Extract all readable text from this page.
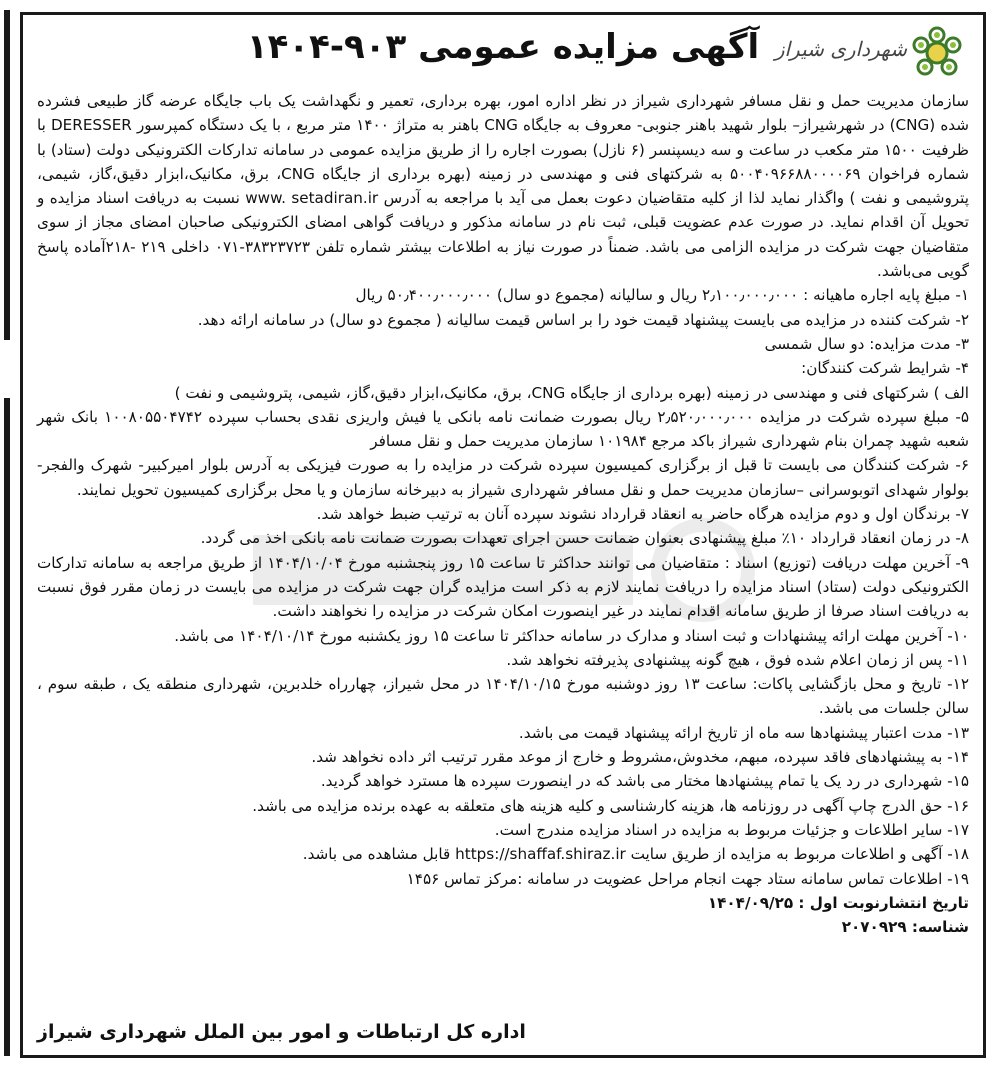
آگهی مزایده عمومی ۹۰۳-۱۴۰۴ شهرداری شیراز

سازمان مدیریت حمل و نقل مسافر شهرداری شیراز در نظر اداره امور، بهره برداری، تعمیر و نگهداشت یک باب جایگاه عرضه گاز طبیعی فشرده شده (CNG) در شهرشیراز– بلوار شهید باهنر جنوبی- معروف به جایگاه CNG باهنر به متراژ ۱۴۰۰ متر مربع ، با یک دستگاه کمپرسور DERESSER با ظرفیت ۱۵۰۰ متر مکعب در ساعت و سه دیسپنسر (۶ نازل) بصورت اجاره را از طریق مزایده عمومی در سامانه تدارکات الکترونیکی دولت (ستاد) با شماره فراخوان ۵۰۰۴۰۹۶۶۸۸۰۰۰۰۶۹ به شرکتهای فنی و مهندسی در زمینه (بهره برداری از جایگاه CNG، برق، مکانیک،ابزار دقیق،گاز، شیمی، پتروشیمی و نفت ) واگذار نماید لذا از کلیه متقاضیان دعوت بعمل می آید با مراجعه به آدرس www. setadiran.ir نسبت به دریافت اسناد مزایده و تحویل آن اقدام نماید. در صورت عدم عضویت قبلی، ثبت نام در سامانه مذکور و دریافت گواهی امضای الکترونیکی صاحبان امضای مجاز از سوی متقاضیان جهت شرکت در مزایده الزامی می باشد. ضمناً در صورت نیاز به اطلاعات بیشتر شماره تلفن ۳۸۳۲۳۷۲۳-۰۷۱ داخلی ۲۱۹ -۲۱۸آماده پاسخ گویی می‌باشد.

۱- مبلغ پایه اجاره ماهیانه : ۲٫۱۰۰٫۰۰۰٫۰۰۰ ریال و سالیانه (مجموع دو سال) ۵۰٫۴۰۰٫۰۰۰٫۰۰۰ ریال

۲- شرکت کننده در مزایده می بایست پیشنهاد قیمت خود را بر اساس قیمت سالیانه ( مجموع دو سال) در سامانه ارائه دهد.

۳- مدت مزایده: دو سال شمسی

۴- شرایط شرکت کنندگان:

الف ) شرکتهای فنی و مهندسی در زمینه (بهره برداری از جایگاه CNG، برق، مکانیک،ابزار دقیق،گاز، شیمی، پتروشیمی و نفت )

۵- مبلغ سپرده شرکت در مزایده ۲٫۵۲۰٫۰۰۰٫۰۰۰ ریال بصورت ضمانت نامه بانکی یا فیش واریزی نقدی بحساب سپرده ۱۰۰۸۰۵۵۰۴۷۴۲ بانک شهر شعبه شهید چمران بنام شهرداری شیراز باکد مرجع ۱۰۱۹۸۴ سازمان مدیریت حمل و نقل مسافر

۶- شرکت کنندگان می بایست تا قبل از برگزاری کمیسیون سپرده شرکت در مزایده را به صورت فیزیکی به آدرس بلوار امیرکبیر- شهرک والفجر- بولوار شهدای اتوبوسرانی –سازمان مدیریت حمل و نقل مسافر شهرداری شیراز به دبیرخانه سازمان و یا محل برگزاری کمیسیون تحویل نمایند.

۷- برندگان اول و دوم مزایده هرگاه حاضر به انعقاد قرارداد نشوند سپرده آنان به ترتیب ضبط خواهد شد.

۸- در زمان انعقاد قرارداد ۱۰٪ مبلغ پیشنهادی بعنوان ضمانت حسن اجرای تعهدات بصورت ضمانت نامه بانکی اخذ می گردد.

۹- آخرین مهلت دریافت (توزیع) اسناد : متقاضیان می توانند حداکثر تا ساعت ۱۵ روز پنجشنبه مورخ ۱۴۰۴/۱۰/۰۴ از طریق مراجعه به سامانه تدارکات الکترونیکی دولت (ستاد) اسناد مزایده را دریافت نمایند لازم به ذکر است مزایده گران جهت شرکت در مزایده می بایست در زمان مقرر فوق نسبت به دریافت اسناد صرفا از طریق سامانه اقدام نمایند در غیر اینصورت امکان شرکت در مزایده را نخواهند داشت.

۱۰- آخرین مهلت ارائه پیشنهادات و ثبت اسناد و مدارک در سامانه حداکثر تا ساعت ۱۵ روز یکشنبه مورخ ۱۴۰۴/۱۰/۱۴ می باشد.

۱۱- پس از زمان اعلام شده فوق ، هیچ گونه پیشنهادی پذیرفته نخواهد شد.

۱۲- تاریخ و محل بازگشایی پاکات: ساعت ۱۳ روز دوشنبه مورخ ۱۴۰۴/۱۰/۱۵ در محل شیراز، چهارراه خلدبرین، شهرداری منطقه یک ، طبقه سوم ، سالن جلسات می باشد.

۱۳- مدت اعتبار پیشنهادها سه ماه از تاریخ ارائه پیشنهاد قیمت می باشد.

۱۴- به پیشنهادهای فاقد سپرده، مبهم، مخدوش،مشروط و خارج از موعد مقرر ترتیب اثر داده نخواهد شد.

۱۵- شهرداری در رد یک یا تمام پیشنهادها مختار می باشد که در اینصورت سپرده ها مسترد خواهد گردید.

۱۶- حق الدرج چاپ آگهی در روزنامه ها، هزینه کارشناسی و کلیه هزینه های متعلقه به عهده برنده مزایده می باشد.

۱۷- سایر اطلاعات و جزئیات مربوط به مزایده در اسناد مزایده مندرج است.

۱۸- آگهی و اطلاعات مربوط به مزایده از طریق سایت https://shaffaf.shiraz.ir قابل مشاهده می باشد.

۱۹- اطلاعات تماس سامانه ستاد جهت انجام مراحل عضویت در سامانه :مرکز تماس ۱۴۵۶

تاریخ انتشارنوبت اول : ۱۴۰۴/۰۹/۲۵

شناسه: ۲۰۷۰۹۲۹

اداره کل ارتباطات و امور بین الملل شهرداری شیراز
